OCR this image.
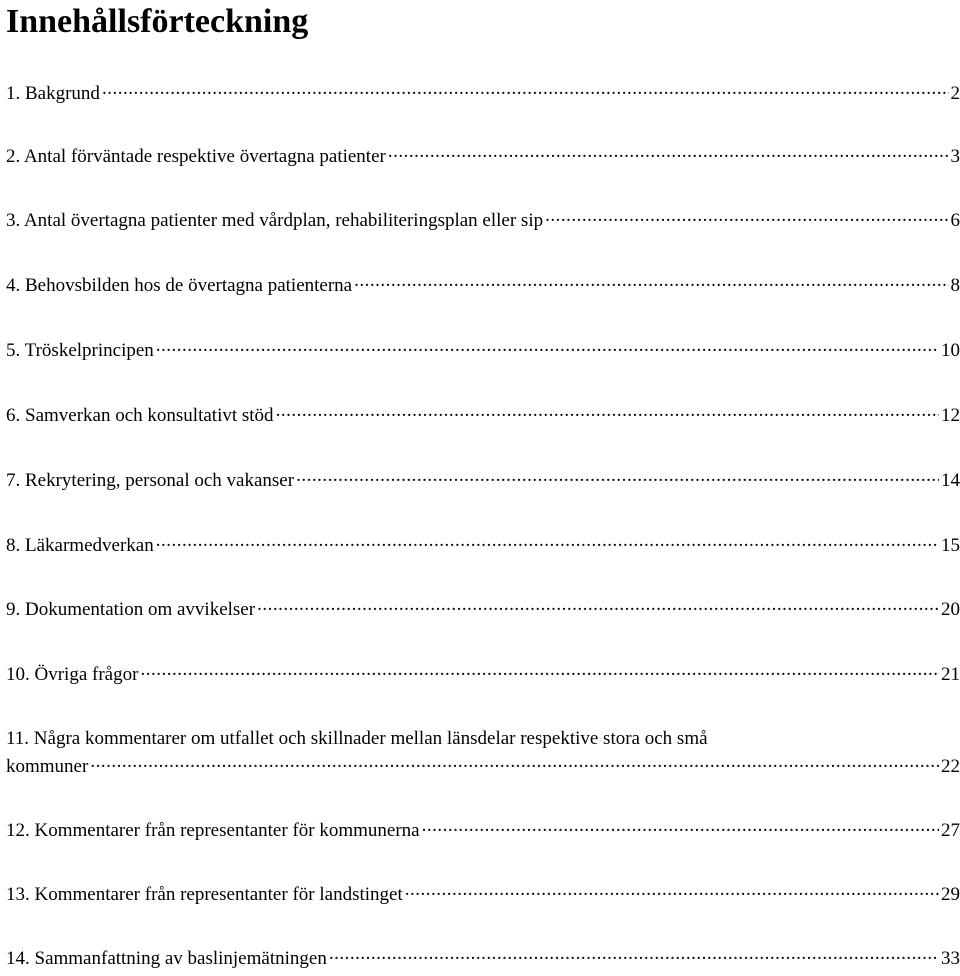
Innehållsförteckning
1. Bakgrund .....	2
2. Antal förväntade respektive övertagna patienter .....	3
3. Antal övertagna patienter med vårdplan, rehabiliteringsplan eller sip .....	6
4. Behovsbilden hos de övertagna patienterna .....	8
5. Tröskelprincipen .....	10
6. Samverkan och konsultativt stöd .....	12
7. Rekrytering, personal och vakanser .....	14
8. Läkarmedverkan .....	15
9. Dokumentation om avvikelser .....	20
10. Övriga frågor .....	21
11. Några kommentarer om utfallet och skillnader mellan länsdelar respektive stora och små
kommuner .....	22
12. Kommentarer från representanter för kommunerna .....	27
13. Kommentarer från representanter för landstinget .....	29
14. Sammanfattning av baslinjemätningen .....	33
